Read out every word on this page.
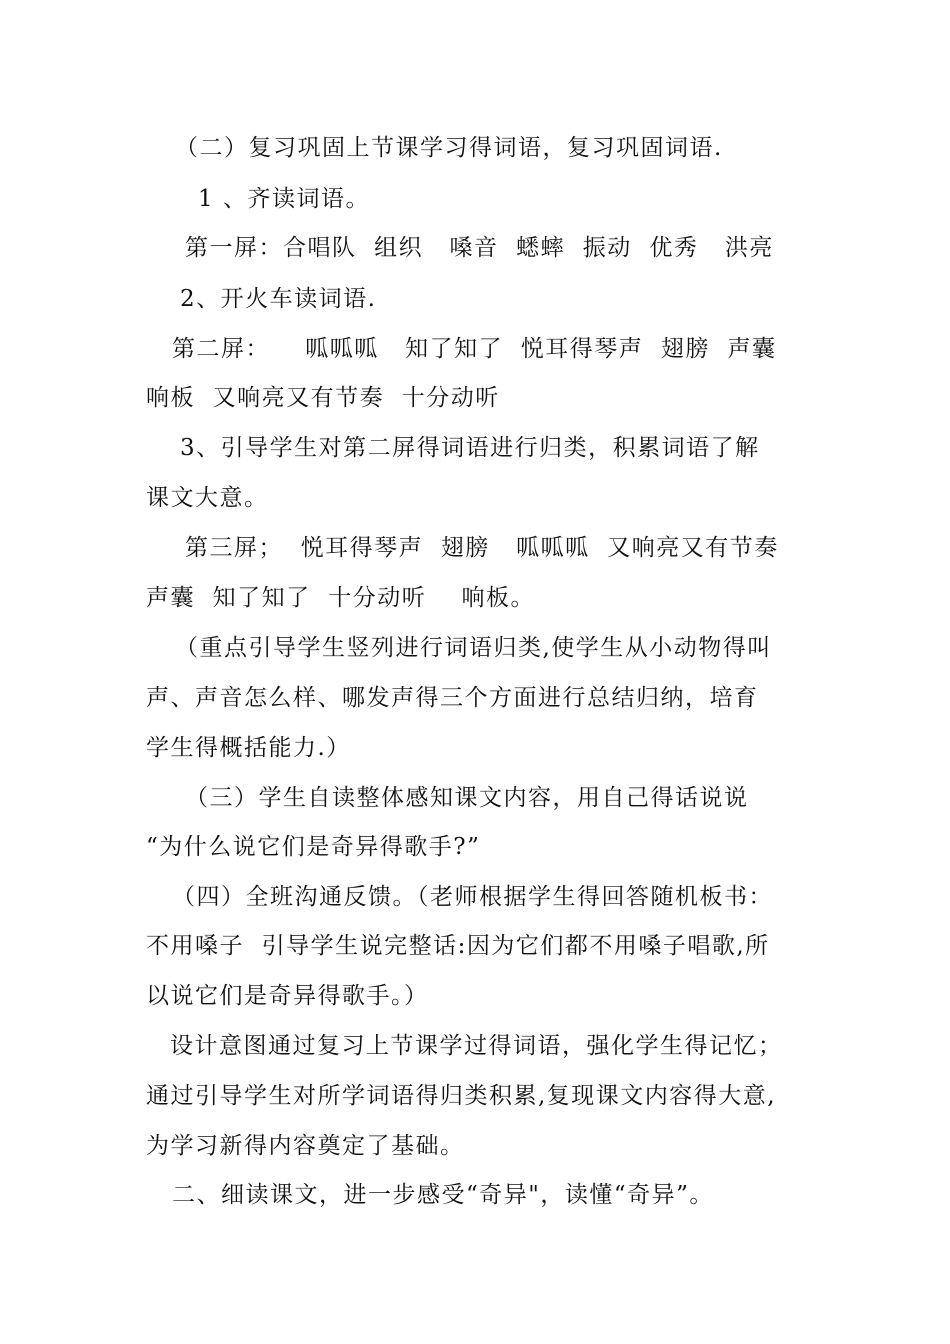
（二）复习巩固上节课学习得词语，复习巩固词语.
1 、齐读词语。
第一屏：合唱队  组织   嗓音  蟋蟀  振动  优秀   洪亮
2、开火车读词语.
第二屏：    呱呱呱   知了知了  悦耳得琴声  翅膀  声囊
响板  又响亮又有节奏  十分动听
3、引导学生对第二屏得词语进行归类，积累词语了解
课文大意。
第三屏；  悦耳得琴声  翅膀   呱呱呱  又响亮又有节奏
声囊  知了知了  十分动听    响板。
（重点引导学生竖列进行词语归类,使学生从小动物得叫
声、声音怎么样、哪发声得三个方面进行总结归纳，培育
学生得概括能力.）
（三）学生自读整体感知课文内容，用自己得话说说
“为什么说它们是奇异得歌手?”
（四）全班沟通反馈。（老师根据学生得回答随机板书：
不用嗓子  引导学生说完整话:因为它们都不用嗓子唱歌,所
以说它们是奇异得歌手。）
设计意图通过复习上节课学过得词语，强化学生得记忆；
通过引导学生对所学词语得归类积累,复现课文内容得大意,
为学习新得内容奠定了基础。
二、细读课文，进一步感受“奇异"，读懂“奇异”。
